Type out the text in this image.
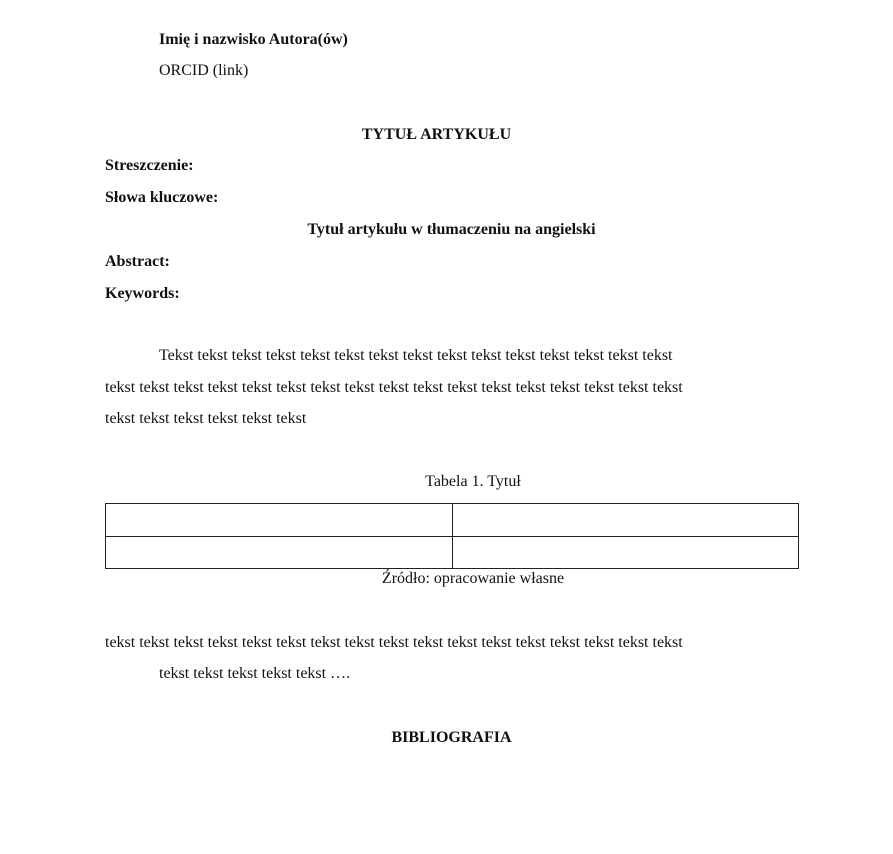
Imię i nazwisko Autora(ów)
ORCID (link)
TYTUŁ ARTYKUŁU
Streszczenie:
Słowa kluczowe:
Tytuł artykułu w tłumaczeniu na angielski
Abstract:
Keywords:
Tekst tekst tekst tekst tekst tekst tekst tekst tekst tekst tekst tekst tekst tekst tekst
tekst tekst tekst tekst tekst tekst tekst tekst tekst tekst tekst tekst tekst tekst tekst tekst tekst
tekst tekst tekst tekst tekst tekst
Tabela 1. Tytuł

Źródło: opracowanie własne
tekst tekst tekst tekst tekst tekst tekst tekst tekst tekst tekst tekst tekst tekst tekst tekst tekst
tekst tekst tekst tekst tekst ….
BIBLIOGRAFIA
